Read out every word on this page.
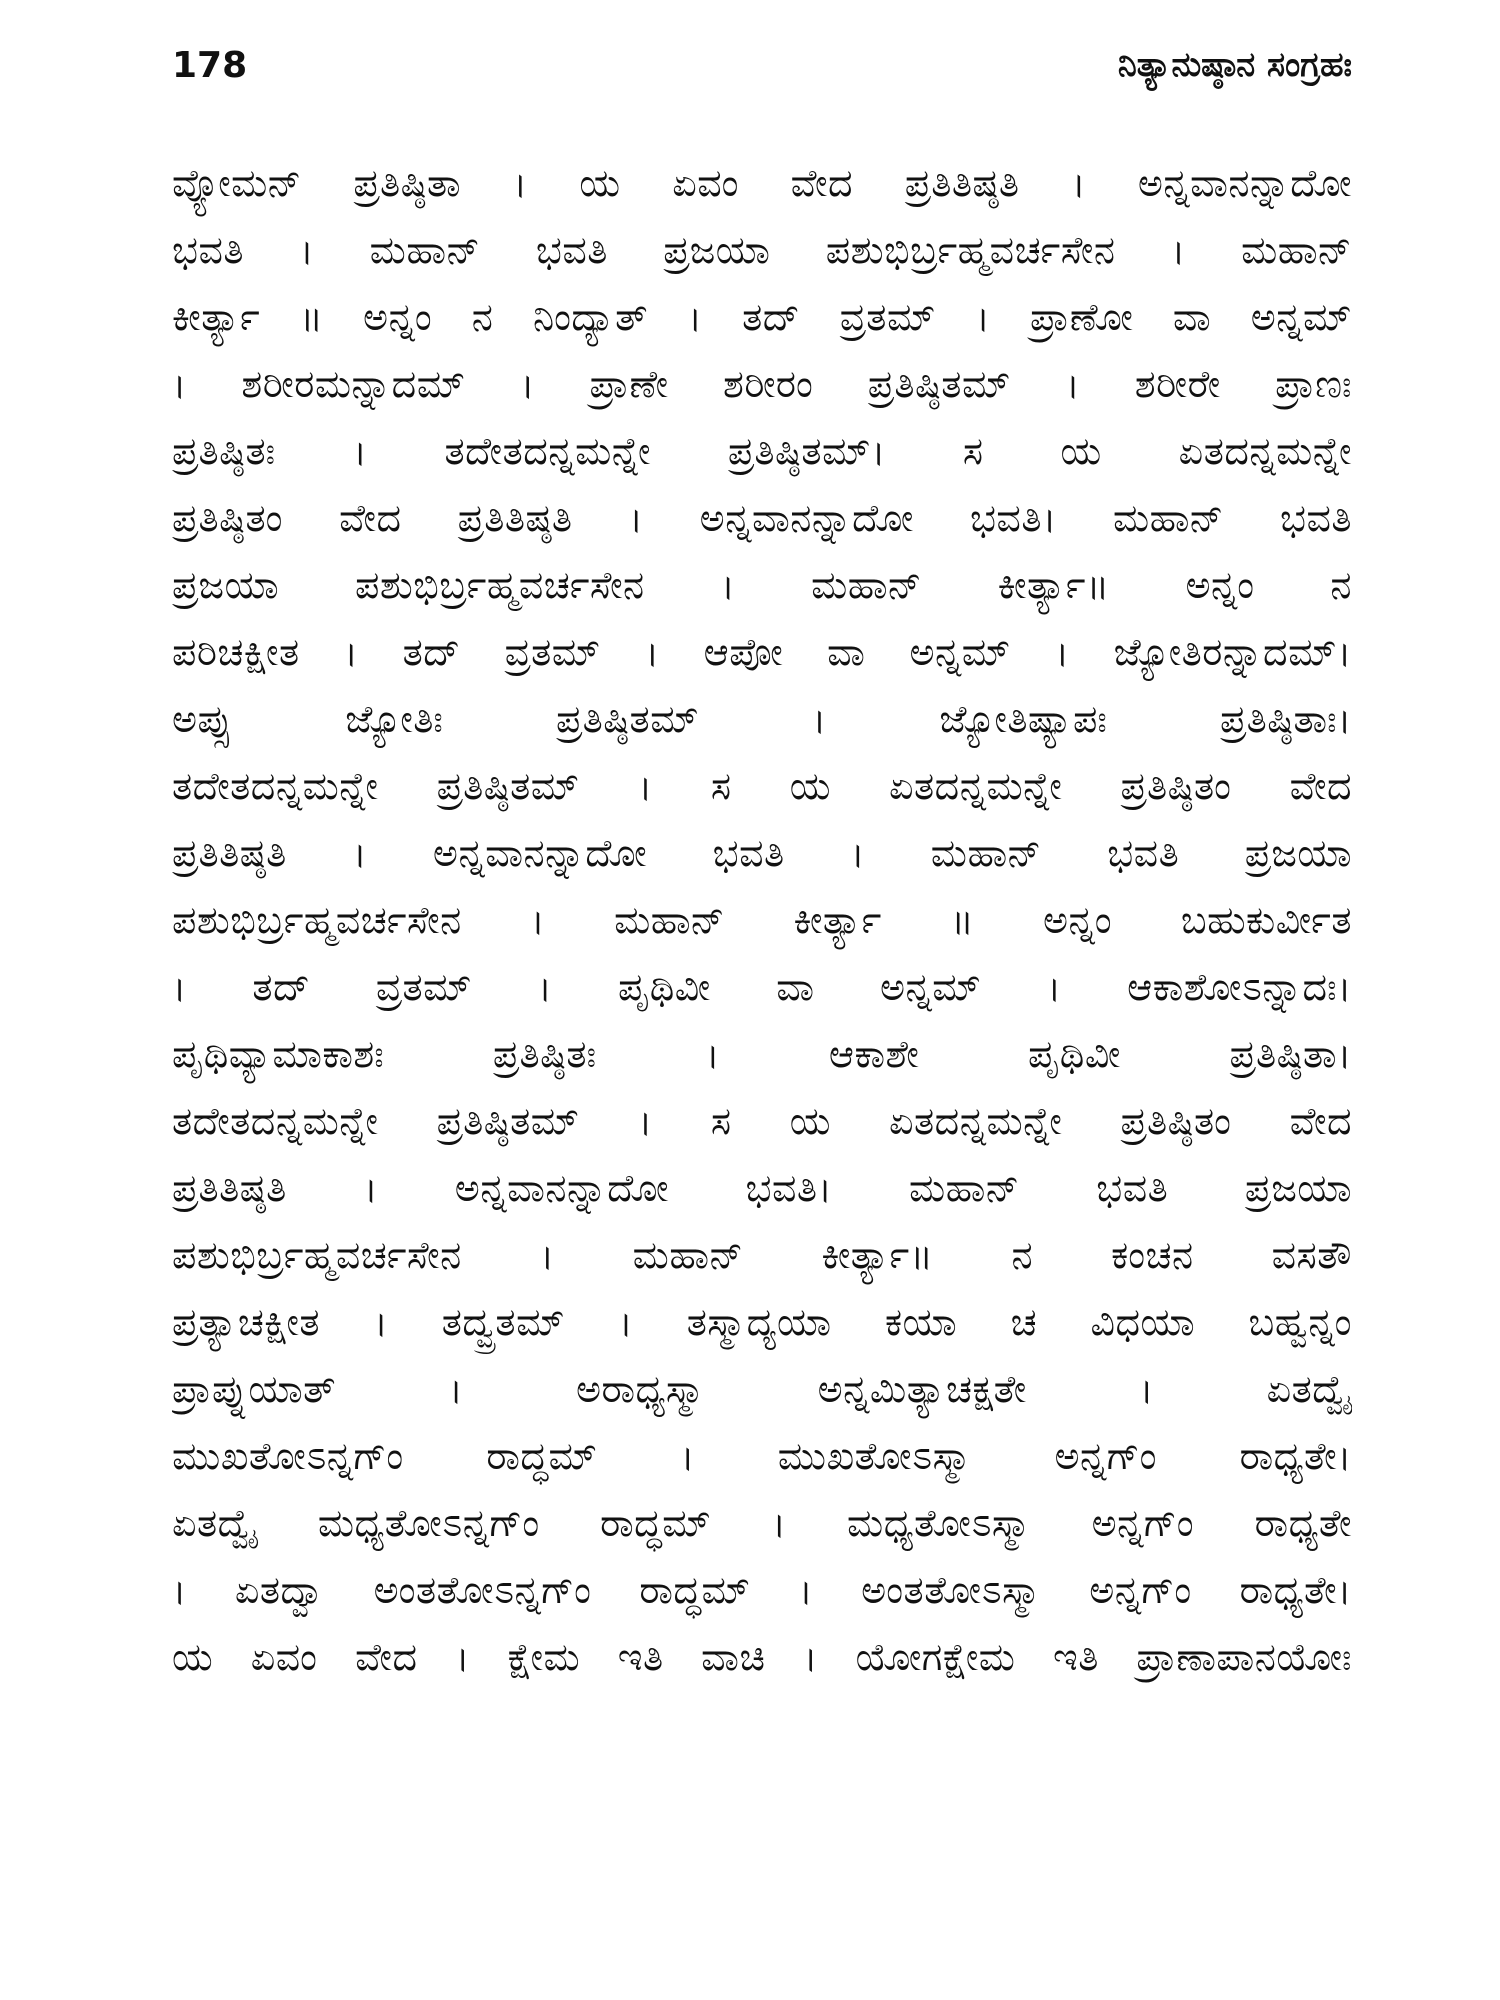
178	ನಿತ್ಯಾನುಷ್ಠಾನ ಸಂಗ್ರಹಃ
ವ್ಯೋಮನ್ ಪ್ರತಿಷ್ಠಿತಾ । ಯ ಏವಂ ವೇದ ಪ್ರತಿತಿಷ್ಠತಿ । ಅನ್ನವಾನನ್ನಾದೋ
ಭವತಿ । ಮಹಾನ್ ಭವತಿ ಪ್ರಜಯಾ ಪಶುಭಿರ್ಬ್ರಹ್ಮವರ್ಚಸೇನ । ಮಹಾನ್
ಕೀರ್ತ್ಯಾ ॥ ಅನ್ನಂ ನ ನಿಂದ್ಯಾತ್ । ತದ್ ವ್ರತಮ್ । ಪ್ರಾಣೋ ವಾ ಅನ್ನಮ್
। ಶರೀರಮನ್ನಾದಮ್ । ಪ್ರಾಣೇ ಶರೀರಂ ಪ್ರತಿಷ್ಠಿತಮ್ । ಶರೀರೇ ಪ್ರಾಣಃ
ಪ್ರತಿಷ್ಠಿತಃ । ತದೇತದನ್ನಮನ್ನೇ ಪ್ರತಿಷ್ಠಿತಮ್। ಸ ಯ ಏತದನ್ನಮನ್ನೇ
ಪ್ರತಿಷ್ಠಿತಂ ವೇದ ಪ್ರತಿತಿಷ್ಠತಿ । ಅನ್ನವಾನನ್ನಾದೋ ಭವತಿ। ಮಹಾನ್ ಭವತಿ
ಪ್ರಜಯಾ ಪಶುಭಿರ್ಬ್ರಹ್ಮವರ್ಚಸೇನ । ಮಹಾನ್ ಕೀರ್ತ್ಯಾ॥ ಅನ್ನಂ ನ
ಪರಿಚಕ್ಷೀತ । ತದ್ ವ್ರತಮ್ । ಆಪೋ ವಾ ಅನ್ನಮ್ । ಜ್ಯೋತಿರನ್ನಾದಮ್।
ಅಪ್ಸು ಜ್ಯೋತಿಃ ಪ್ರತಿಷ್ಠಿತಮ್ । ಜ್ಯೋತಿಷ್ಯಾಪಃ ಪ್ರತಿಷ್ಠಿತಾಃ।
ತದೇತದನ್ನಮನ್ನೇ ಪ್ರತಿಷ್ಠಿತಮ್ । ಸ ಯ ಏತದನ್ನಮನ್ನೇ ಪ್ರತಿಷ್ಠಿತಂ ವೇದ
ಪ್ರತಿತಿಷ್ಠತಿ । ಅನ್ನವಾನನ್ನಾದೋ ಭವತಿ । ಮಹಾನ್ ಭವತಿ ಪ್ರಜಯಾ
ಪಶುಭಿರ್ಬ್ರಹ್ಮವರ್ಚಸೇನ । ಮಹಾನ್ ಕೀರ್ತ್ಯಾ ॥ ಅನ್ನಂ ಬಹುಕುರ್ವೀತ
। ತದ್ ವ್ರತಮ್ । ಪೃಥಿವೀ ವಾ ಅನ್ನಮ್ । ಆಕಾಶೋಽನ್ನಾದಃ।
ಪೃಥಿವ್ಯಾಮಾಕಾಶಃ ಪ್ರತಿಷ್ಠಿತಃ । ಆಕಾಶೇ ಪೃಥಿವೀ ಪ್ರತಿಷ್ಠಿತಾ।
ತದೇತದನ್ನಮನ್ನೇ ಪ್ರತಿಷ್ಠಿತಮ್ । ಸ ಯ ಏತದನ್ನಮನ್ನೇ ಪ್ರತಿಷ್ಠಿತಂ ವೇದ
ಪ್ರತಿತಿಷ್ಠತಿ । ಅನ್ನವಾನನ್ನಾದೋ ಭವತಿ। ಮಹಾನ್ ಭವತಿ ಪ್ರಜಯಾ
ಪಶುಭಿರ್ಬ್ರಹ್ಮವರ್ಚಸೇನ । ಮಹಾನ್ ಕೀರ್ತ್ಯಾ॥ ನ ಕಂಚನ ವಸತೌ
ಪ್ರತ್ಯಾಚಕ್ಷೀತ । ತದ್ವ್ರತಮ್ । ತಸ್ಮಾದ್ಯಯಾ ಕಯಾ ಚ ವಿಧಯಾ ಬಹ್ವನ್ನಂ
ಪ್ರಾಪ್ನುಯಾತ್ । ಅರಾಧ್ಯಸ್ಮಾ ಅನ್ನಮಿತ್ಯಾಚಕ್ಷತೇ । ಏತದ್ವೈ
ಮುಖತೋಽನ್ನಗ್ಂ ರಾದ್ಧಮ್ । ಮುಖತೋಽಸ್ಮಾ ಅನ್ನಗ್ಂ ರಾಧ್ಯತೇ।
ಏತದ್ವೈ ಮಧ್ಯತೋಽನ್ನಗ್ಂ ರಾದ್ಧಮ್ । ಮಧ್ಯತೋಽಸ್ಮಾ ಅನ್ನಗ್ಂ ರಾಧ್ಯತೇ
। ಏತದ್ವಾ ಅಂತತೋಽನ್ನಗ್ಂ ರಾದ್ಧಮ್ । ಅಂತತೋಽಸ್ಮಾ ಅನ್ನಗ್ಂ ರಾಧ್ಯತೇ।
ಯ ಏವಂ ವೇದ । ಕ್ಷೇಮ ಇತಿ ವಾಚಿ । ಯೋಗಕ್ಷೇಮ ಇತಿ ಪ್ರಾಣಾಪಾನಯೋಃ
